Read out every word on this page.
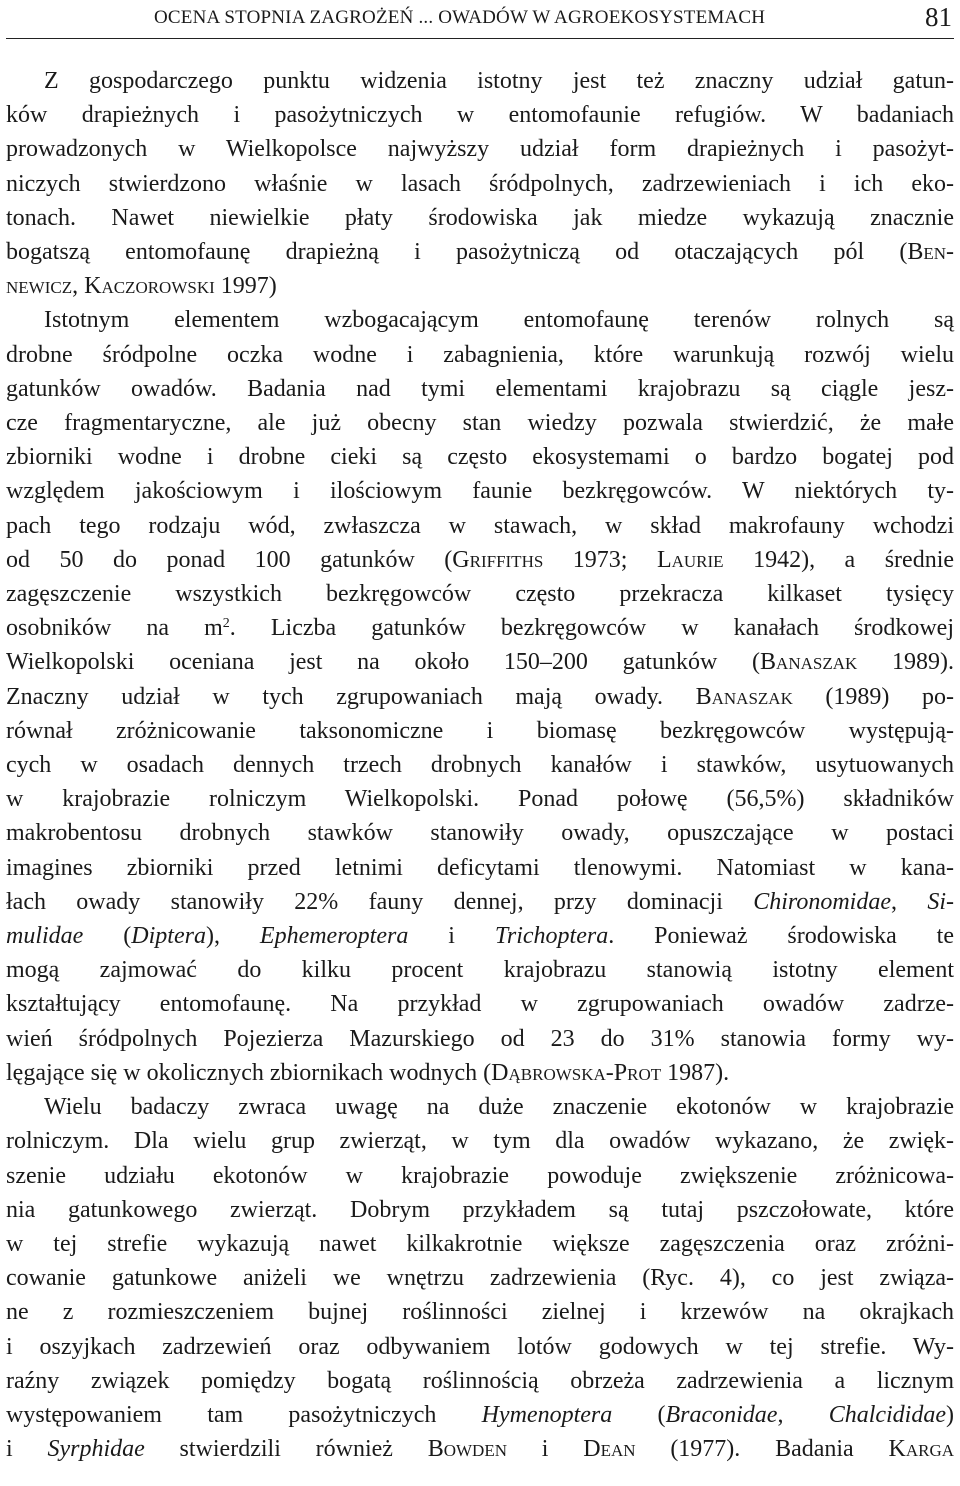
OCENA STOPNIA ZAGROŻEŃ ... OWADÓW W AGROEKOSYSTEMACH	81
Z gospodarczego punktu widzenia istotny jest też znaczny udział gatun-
ków drapieżnych i pasożytniczych w entomofaunie refugiów. W badaniach
prowadzonych w Wielkopolsce najwyższy udział form drapieżnych i pasożyt-
niczych stwierdzono właśnie w lasach śródpolnych, zadrzewieniach i ich eko-
tonach. Nawet niewielkie płaty środowiska jak miedze wykazują znacznie
bogatszą entomofaunę drapieżną i pasożytniczą od otaczających pól (Ben-
newicz, Kaczorowski 1997)
Istotnym elementem wzbogacającym entomofaunę terenów rolnych są
drobne śródpolne oczka wodne i zabagnienia, które warunkują rozwój wielu
gatunków owadów. Badania nad tymi elementami krajobrazu są ciągle jesz-
cze fragmentaryczne, ale już obecny stan wiedzy pozwala stwierdzić, że małe
zbiorniki wodne i drobne cieki są często ekosystemami o bardzo bogatej pod
względem jakościowym i ilościowym faunie bezkręgowców. W niektórych ty-
pach tego rodzaju wód, zwłaszcza w stawach, w skład makrofauny wchodzi
od 50 do ponad 100 gatunków (Griffiths 1973; Laurie 1942), a średnie
zagęszczenie wszystkich bezkręgowców często przekracza kilkaset tysięcy
osobników na $m^2$. Liczba gatunków bezkręgowców w kanałach środkowej
Wielkopolski oceniana jest na około 150–200 gatunków (Banaszak 1989).
Znaczny udział w tych zgrupowaniach mają owady. Banaszak (1989) po-
równał zróżnicowanie taksonomiczne i biomasę bezkręgowców występują-
cych w osadach dennych trzech drobnych kanałów i stawków, usytuowanych
w krajobrazie rolniczym Wielkopolski. Ponad połowę (56,5%) składników
makrobentosu drobnych stawków stanowiły owady, opuszczające w postaci
imagines zbiorniki przed letnimi deficytami tlenowymi. Natomiast w kana-
łach owady stanowiły 22% fauny dennej, przy dominacji Chironomidae, Si-
mulidae (Diptera), Ephemeroptera i Trichoptera. Ponieważ środowiska te
mogą zajmować do kilku procent krajobrazu stanowią istotny element
kształtujący entomofaunę. Na przykład w zgrupowaniach owadów zadrze-
wień śródpolnych Pojezierza Mazurskiego od 23 do 31% stanowia formy wy-
lęgające się w okolicznych zbiornikach wodnych (Dąbrowska-Prot 1987).
Wielu badaczy zwraca uwagę na duże znaczenie ekotonów w krajobrazie
rolniczym. Dla wielu grup zwierząt, w tym dla owadów wykazano, że zwięk-
szenie udziału ekotonów w krajobrazie powoduje zwiększenie zróżnicowa-
nia gatunkowego zwierząt. Dobrym przykładem są tutaj pszczołowate, które
w tej strefie wykazują nawet kilkakrotnie większe zagęszczenia oraz zróżni-
cowanie gatunkowe aniżeli we wnętrzu zadrzewienia (Ryc. 4), co jest związa-
ne z rozmieszczeniem bujnej roślinności zielnej i krzewów na okrajkach
i oszyjkach zadrzewień oraz odbywaniem lotów godowych w tej strefie. Wy-
raźny związek pomiędzy bogatą roślinnością obrzeża zadrzewienia a licznym
występowaniem tam pasożytniczych Hymenoptera (Braconidae, Chalcididae)
i Syrphidae stwierdzili również Bowden i Dean (1977). Badania Karga
